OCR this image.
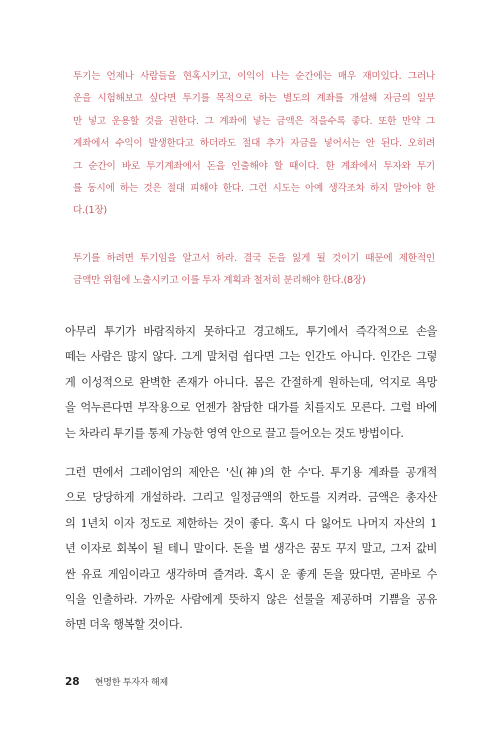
투기는 언제나 사람들을 현혹시키고, 이익이 나는 순간에는 매우 재미있다. 그러나
운을 시험해보고 싶다면 투기를 목적으로 하는 별도의 계좌를 개설해 자금의 일부
만 넣고 운용할 것을 권한다. 그 계좌에 넣는 금액은 적을수록 좋다. 또한 만약 그
계좌에서 수익이 발생한다고 하더라도 절대 추가 자금을 넣어서는 안 된다. 오히려
그 순간이 바로 투기계좌에서 돈을 인출해야 할 때이다. 한 계좌에서 투자와 투기
를 동시에 하는 것은 절대 피해야 한다. 그런 시도는 아예 생각조차 하지 말아야 한
다.(1장)
투기를 하려면 투기임을 알고서 하라. 결국 돈을 잃게 될 것이기 때문에 제한적인
금액만 위험에 노출시키고 이를 투자 계획과 철저히 분리해야 한다.(8장)
아무리 투기가 바람직하지 못하다고 경고해도, 투기에서 즉각적으로 손을
떼는 사람은 많지 않다. 그게 말처럼 쉽다면 그는 인간도 아니다. 인간은 그렇
게 이성적으로 완벽한 존재가 아니다. 몸은 간절하게 원하는데, 억지로 욕망
을 억누른다면 부작용으로 언젠가 참담한 대가를 치를지도 모른다. 그럴 바에
는 차라리 투기를 통제 가능한 영역 안으로 끌고 들어오는 것도 방법이다.
그런 면에서 그레이엄의 제안은 '신(神)의 한 수'다. 투기용 계좌를 공개적
으로 당당하게 개설하라. 그리고 일정금액의 한도를 지켜라. 금액은 총자산
의 1년치 이자 정도로 제한하는 것이 좋다. 혹시 다 잃어도 나머지 자산의 1
년 이자로 회복이 될 테니 말이다. 돈을 벌 생각은 꿈도 꾸지 말고, 그저 값비
싼 유료 게임이라고 생각하며 즐겨라. 혹시 운 좋게 돈을 땄다면, 곧바로 수
익을 인출하라. 가까운 사람에게 뜻하지 않은 선물을 제공하며 기쁨을 공유
하면 더욱 행복할 것이다.
28 현명한 투자자 해제
